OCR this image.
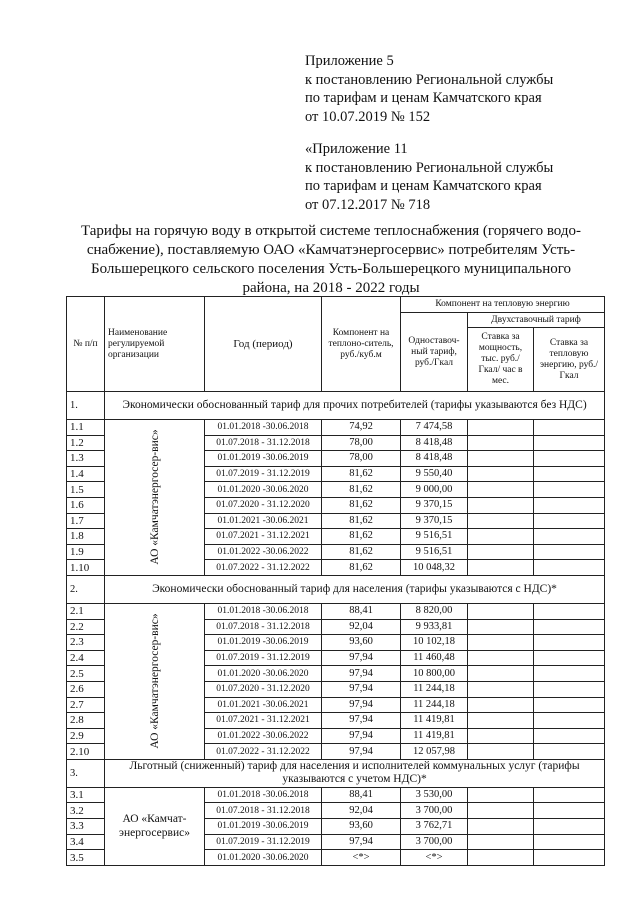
Приложение 5
к постановлению Региональной службы
по тарифам и ценам Камчатского края
от 10.07.2019 № 152
«Приложение 11
к постановлению Региональной службы
по тарифам и ценам Камчатского края
от 07.12.2017 № 718
Тарифы на горячую воду в открытой системе теплоснабжения (горячего водо-
снабжение), поставляемую ОАО «Камчатэнергосервис» потребителям Усть-
Большерецкого сельского поселения Усть-Большерецкого муниципального
района, на 2018 - 2022 годы
№ п/п	Наименование регулируемой организации	Год (период)	Компонент на теплоно-ситель, руб./куб.м	Компонент на тепловую энергию		
				Одноставоч-ный тариф, руб./Гкал	Двухставочный тариф	
					Ставка за мощность, тыс. руб./Гкал/ час в мес.	Ставка за тепловую энергию, руб./Гкал
1.	Экономически обоснованный тариф для прочих потребителей (тарифы указываются без НДС)					
1.1	АО «Камчатэнергосер-вис»	01.01.2018 -30.06.2018	74,92	7 474,58		
1.2		01.07.2018 - 31.12.2018	78,00	8 418,48		
1.3		01.01.2019 -30.06.2019	78,00	8 418,48		
1.4		01.07.2019 - 31.12.2019	81,62	9 550,40		
1.5		01.01.2020 -30.06.2020	81,62	9 000,00		
1.6		01.07.2020 - 31.12.2020	81,62	9 370,15		
1.7		01.01.2021 -30.06.2021	81,62	9 370,15		
1.8		01.07.2021 - 31.12.2021	81,62	9 516,51		
1.9		01.01.2022 -30.06.2022	81,62	9 516,51		
1.10		01.07.2022 - 31.12.2022	81,62	10 048,32		
2.	Экономически обоснованный тариф для населения (тарифы указываются с НДС)*					
2.1	АО «Камчатэнергосер-вис»	01.01.2018 -30.06.2018	88,41	8 820,00		
2.2		01.07.2018 - 31.12.2018	92,04	9 933,81		
2.3		01.01.2019 -30.06.2019	93,60	10 102,18		
2.4		01.07.2019 - 31.12.2019	97,94	11 460,48		
2.5		01.01.2020 -30.06.2020	97,94	10 800,00		
2.6		01.07.2020 - 31.12.2020	97,94	11 244,18		
2.7		01.01.2021 -30.06.2021	97,94	11 244,18		
2.8		01.07.2021 - 31.12.2021	97,94	11 419,81		
2.9		01.01.2022 -30.06.2022	97,94	11 419,81		
2.10		01.07.2022 - 31.12.2022	97,94	12 057,98		
3.	Льготный (сниженный) тариф для населения и исполнителей коммунальных услуг (тарифы указываются с учетом НДС)*					
3.1	АО «Камчат-энергосервис»	01.01.2018 -30.06.2018	88,41	3 530,00		
3.2		01.07.2018 - 31.12.2018	92,04	3 700,00		
3.3		01.01.2019 -30.06.2019	93,60	3 762,71		
3.4		01.07.2019 - 31.12.2019	97,94	3 700,00		
3.5		01.01.2020 -30.06.2020	<*>	<*>		
